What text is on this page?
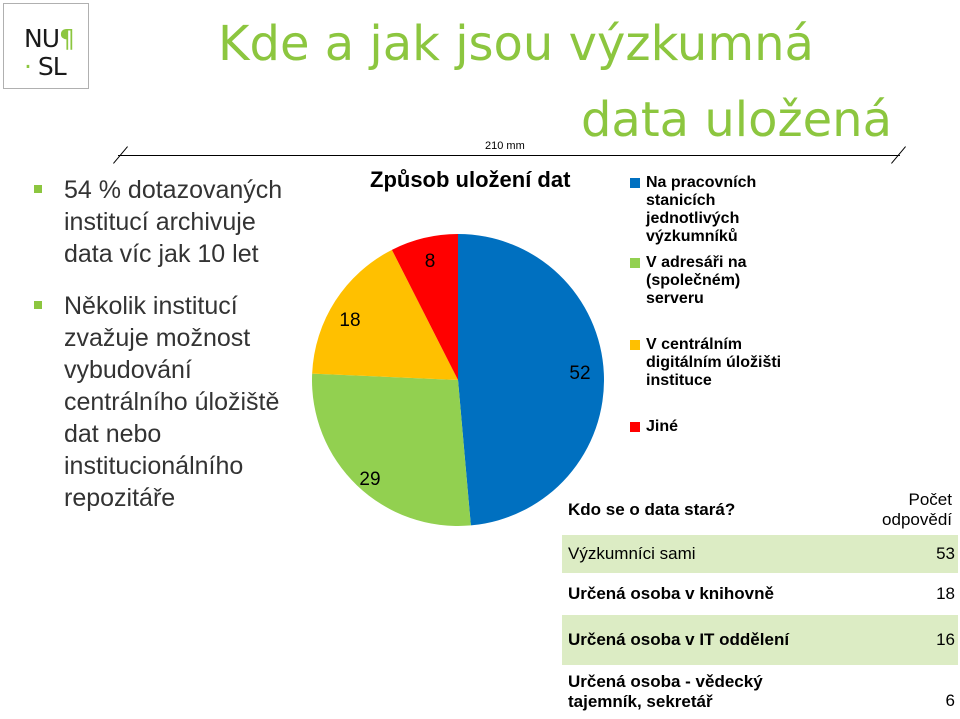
NU¶
· SL	Kde a jak jsou výzkumná
data uložená
210 mm
54 % dotazovaných institucí archivuje data víc jak 10 let
Několik institucí zvažuje možnost vybudování centrálního úložiště dat nebo institucionálního repozitáře
Způsob uložení dat
52
29
18
8
Na pracovních stanicích jednotlivých výzkumníků
V adresáři na (společném) serveru
V centrálním digitálním úložišti instituce
Jiné
Kdo se o data stará?	Počet odpovědí
Výzkumníci sami	53
Určená osoba v knihovně	18
Určená osoba v IT oddělení	16
Určená osoba - vědecký tajemník, sekretář	6
